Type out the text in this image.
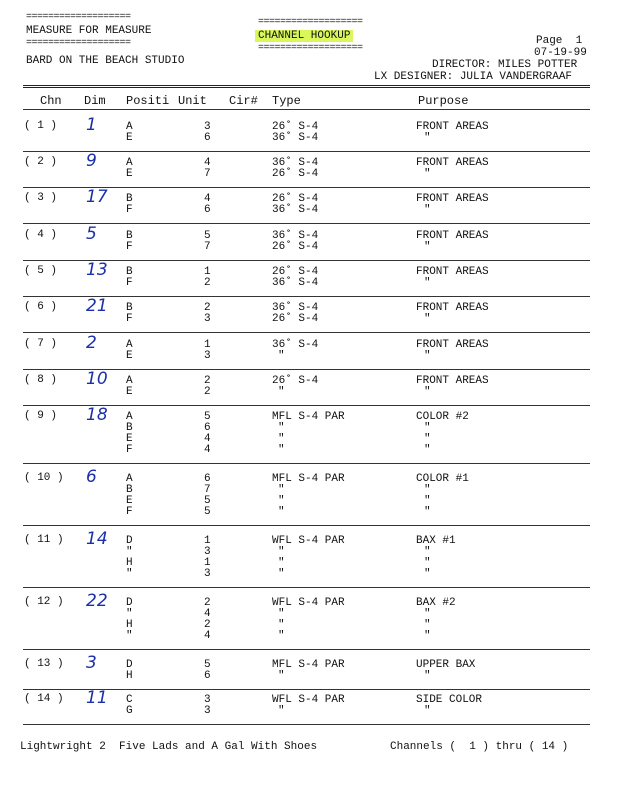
===================
MEASURE FOR MEASURE
===================
BARD ON THE BEACH STUDIO
===================
CHANNEL HOOKUP
===================
Page  1
07-19-99
DIRECTOR: MILES POTTER
LX DESIGNER: JULIA VANDERGRAAF
Chn Dim Positi Unit Cir# Type	Purpose
( 1 ) 1	A	3	26˚ S-4	FRONT AREAS
E	6	36˚ S-4	"
( 2 ) 9	A	4	36˚ S-4	FRONT AREAS
E	7	26˚ S-4	"
( 3 ) 17 B	4	26˚ S-4	FRONT AREAS
F	6	36˚ S-4	"
( 4 ) 5	B	5	36˚ S-4	FRONT AREAS
F	7	26˚ S-4	"
( 5 ) 13 B	1	26˚ S-4	FRONT AREAS
F	2	36˚ S-4	"
( 6 ) 21 B	2	36˚ S-4	FRONT AREAS
F	3	26˚ S-4	"
( 7 ) 2	A	1	36˚ S-4	FRONT AREAS
E	3	"	"
( 8 ) 10 A	2	26˚ S-4	FRONT AREAS
E	2	"	"
( 9 ) 18 A	5	MFL S-4 PAR	COLOR #2
B	6	"	"
E	4	"	"
F	4	"	"
( 10 ) 6	A	6	MFL S-4 PAR	COLOR #1
B	7	"	"
E	5	"	"
F	5	"	"
( 11 ) 14 D	1	WFL S-4 PAR	BAX #1
"	3	"	"
H	1	"	"
"	3	"	"
( 12 ) 22 D	2	WFL S-4 PAR	BAX #2
"	4	"	"
H	2	"	"
"	4	"	"
( 13 ) 3	D	5	MFL S-4 PAR	UPPER BAX
H	6	"	"
( 14 ) 11 C	3	WFL S-4 PAR	SIDE COLOR
G	3	"	"
Lightwright 2  Five Lads and A Gal With Shoes	Channels (  1 ) thru ( 14 )
